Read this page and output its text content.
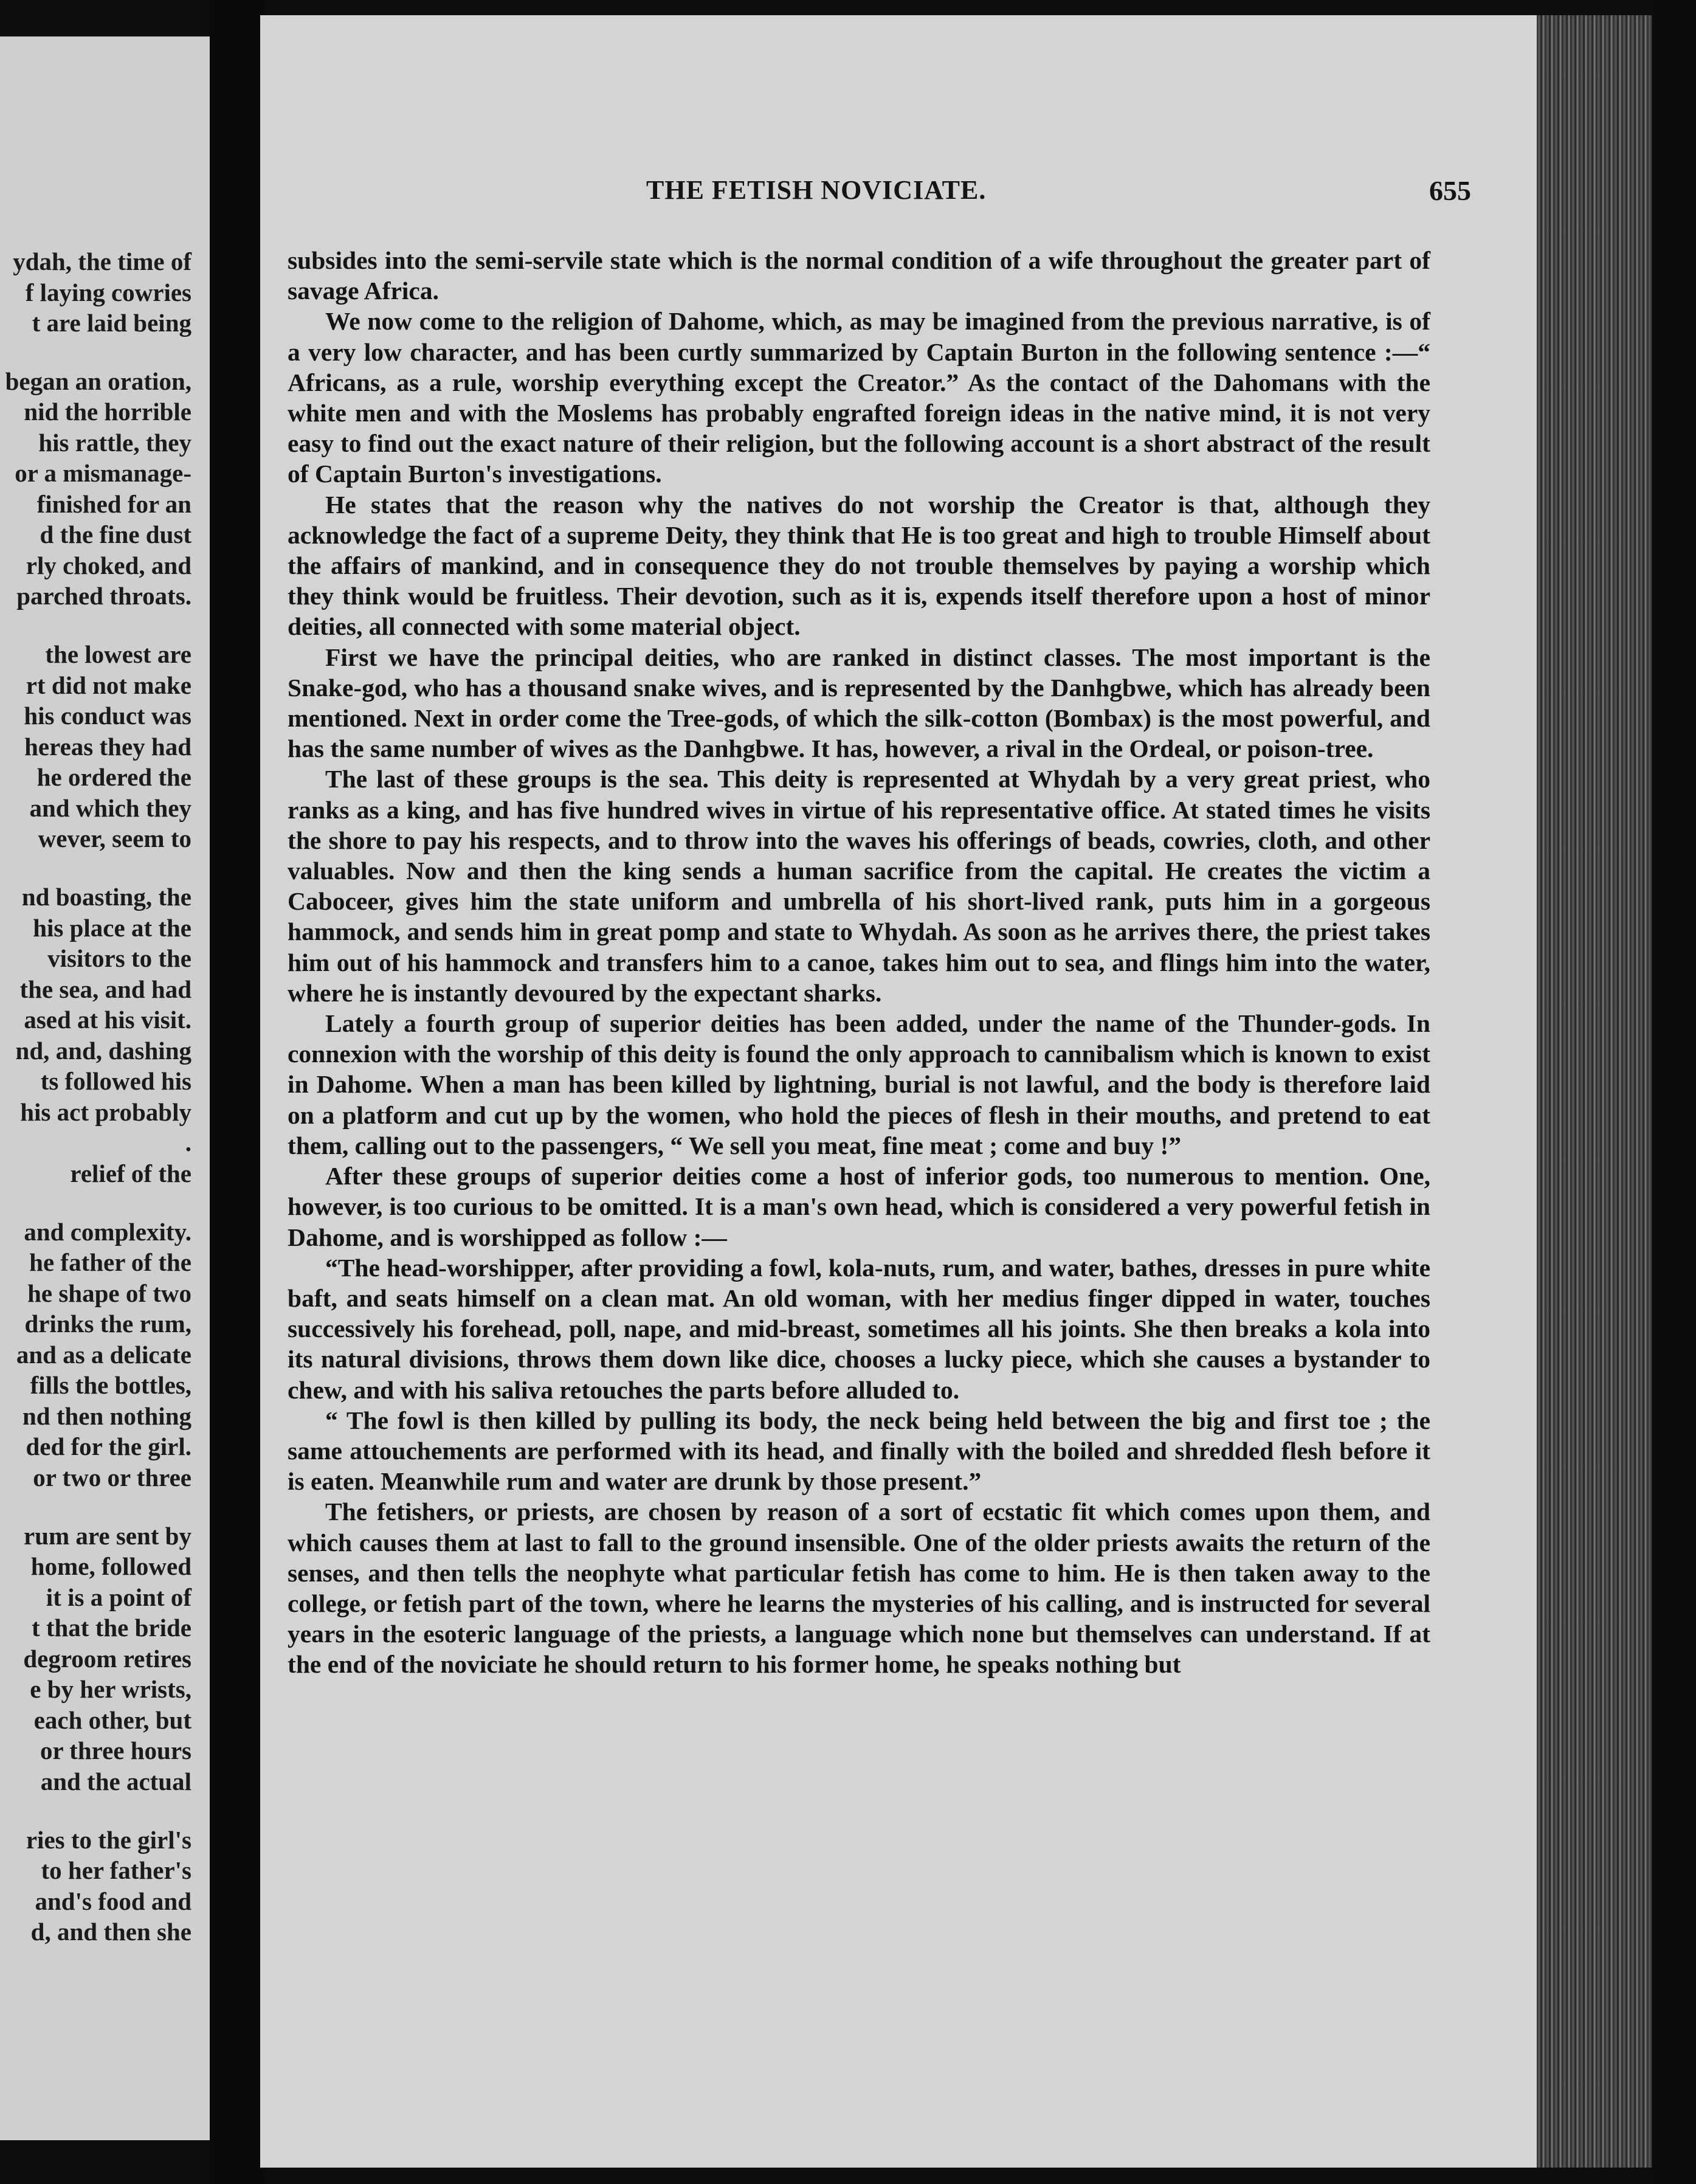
ydah, the time of
f laying cowries
t are laid being
began an oration,
nid the horrible
his rattle, they
or a mismanage-
finished for an
d the fine dust
rly choked, and
parched throats.
the lowest are
rt did not make
his conduct was
hereas they had
he ordered the
and which they
wever, seem to
nd boasting, the
his place at the
visitors to the
the sea, and had
ased at his visit.
nd, and, dashing
ts followed his
his act probably
.
relief of the
and complexity.
he father of the
he shape of two
drinks the rum,
and as a delicate
fills the bottles,
nd then nothing
ded for the girl.
or two or three
rum are sent by
home, followed
it is a point of
t that the bride
degroom retires
e by her wrists,
each other, but
or three hours
and the actual
ries to the girl's
to her father's
and's food and
d, and then she
THE FETISH NOVICIATE.	655

subsides into the semi-servile state which is the normal condition of a wife throughout the greater part of savage Africa.

We now come to the religion of Dahome, which, as may be imagined from the previous narrative, is of a very low character, and has been curtly summarized by Captain Burton in the following sentence :—“ Africans, as a rule, worship everything except the Creator.” As the contact of the Dahomans with the white men and with the Moslems has probably engrafted foreign ideas in the native mind, it is not very easy to find out the exact nature of their religion, but the following account is a short abstract of the result of Captain Burton's investigations.

He states that the reason why the natives do not worship the Creator is that, although they acknowledge the fact of a supreme Deity, they think that He is too great and high to trouble Himself about the affairs of mankind, and in consequence they do not trouble themselves by paying a worship which they think would be fruitless. Their devotion, such as it is, expends itself therefore upon a host of minor deities, all connected with some material object.

First we have the principal deities, who are ranked in distinct classes. The most important is the Snake-god, who has a thousand snake wives, and is represented by the Danhgbwe, which has already been mentioned. Next in order come the Tree-gods, of which the silk-cotton (Bombax) is the most powerful, and has the same number of wives as the Danhgbwe. It has, however, a rival in the Ordeal, or poison-tree.

The last of these groups is the sea. This deity is represented at Whydah by a very great priest, who ranks as a king, and has five hundred wives in virtue of his representative office. At stated times he visits the shore to pay his respects, and to throw into the waves his offerings of beads, cowries, cloth, and other valuables. Now and then the king sends a human sacrifice from the capital. He creates the victim a Caboceer, gives him the state uniform and umbrella of his short-lived rank, puts him in a gorgeous hammock, and sends him in great pomp and state to Whydah. As soon as he arrives there, the priest takes him out of his hammock and transfers him to a canoe, takes him out to sea, and flings him into the water, where he is instantly devoured by the expectant sharks.

Lately a fourth group of superior deities has been added, under the name of the Thunder-gods. In connexion with the worship of this deity is found the only approach to cannibalism which is known to exist in Dahome. When a man has been killed by lightning, burial is not lawful, and the body is therefore laid on a platform and cut up by the women, who hold the pieces of flesh in their mouths, and pretend to eat them, calling out to the passengers, “ We sell you meat, fine meat ; come and buy !”

After these groups of superior deities come a host of inferior gods, too numerous to mention. One, however, is too curious to be omitted. It is a man's own head, which is considered a very powerful fetish in Dahome, and is worshipped as follow :—

“The head-worshipper, after providing a fowl, kola-nuts, rum, and water, bathes, dresses in pure white baft, and seats himself on a clean mat. An old woman, with her medius finger dipped in water, touches successively his forehead, poll, nape, and mid-breast, sometimes all his joints. She then breaks a kola into its natural divisions, throws them down like dice, chooses a lucky piece, which she causes a bystander to chew, and with his saliva retouches the parts before alluded to.

“ The fowl is then killed by pulling its body, the neck being held between the big and first toe ; the same attouchements are performed with its head, and finally with the boiled and shredded flesh before it is eaten. Meanwhile rum and water are drunk by those present.”

The fetishers, or priests, are chosen by reason of a sort of ecstatic fit which comes upon them, and which causes them at last to fall to the ground insensible. One of the older priests awaits the return of the senses, and then tells the neophyte what particular fetish has come to him. He is then taken away to the college, or fetish part of the town, where he learns the mysteries of his calling, and is instructed for several years in the esoteric language of the priests, a language which none but themselves can understand. If at the end of the noviciate he should return to his former home, he speaks nothing but
